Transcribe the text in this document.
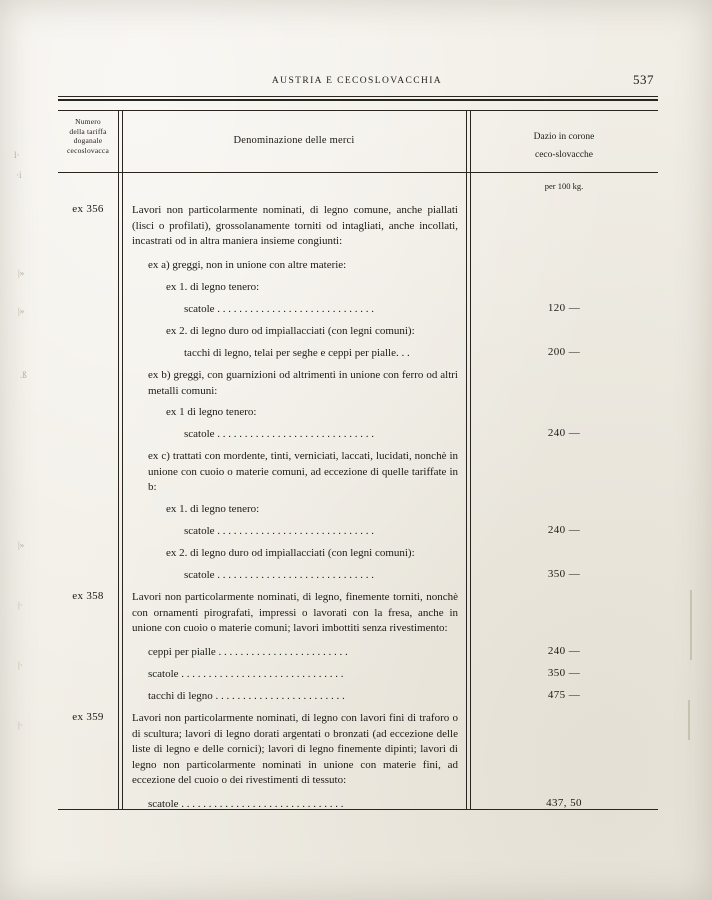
l·
·i
|»
|»
.ß
|»
|·
|·
|·
AUSTRIA E CECOSLOVACCHIA	537
Numero
della tariffa
doganale
cecoslovacca
Denominazione delle merci	Dazio in corone
ceco-slovacche
per 100 kg.
ex 356	Lavori non particolarmente nominati, di legno comune, anche piallati (lisci o profilati), grossolanamente torniti od intagliati, anche incollati, incastrati od in altra maniera insieme congiunti:
ex a) greggi, non in unione con altre materie:
ex 1. di legno tenero:
scatole . . . . . . . . . . . . . . . . . . . . . . . . . . . . .	120 —
ex 2. di legno duro od impiallacciati (con legni comuni):
tacchi di legno, telai per seghe e ceppi per pialle. . .	200 —
ex b) greggi, con guarnizioni od altrimenti in unione con ferro od altri metalli comuni:
ex 1 di legno tenero:
scatole . . . . . . . . . . . . . . . . . . . . . . . . . . . . .	240 —
ex c) trattati con mordente, tinti, verniciati, laccati, lucidati, nonchè in unione con cuoio o materie comuni, ad eccezione di quelle tariffate in b:
ex 1. di legno tenero:
scatole . . . . . . . . . . . . . . . . . . . . . . . . . . . . .	240 —
ex 2. di legno duro od impiallacciati (con legni comuni):
scatole . . . . . . . . . . . . . . . . . . . . . . . . . . . . .	350 —
ex 358	Lavori non particolarmente nominati, di legno, finemente torniti, nonchè con ornamenti pirografati, impressi o lavorati con la fresa, anche in unione con cuoio o materie comuni; lavori imbottiti senza rivestimento:
ceppi per pialle . . . . . . . . . . . . . . . . . . . . . . . .	240 —
scatole . . . . . . . . . . . . . . . . . . . . . . . . . . . . . .	350 —
tacchi di legno . . . . . . . . . . . . . . . . . . . . . . . .	475 —
ex 359	Lavori non particolarmente nominati, di legno con lavori fini di traforo o di scultura; lavori di legno dorati argentati o bronzati (ad eccezione delle liste di legno e delle cornici); lavori di legno finemente dipinti; lavori di legno non particolarmente nominati in unione con materie fini, ad eccezione del cuoio o dei rivestimenti di tessuto:
scatole . . . . . . . . . . . . . . . . . . . . . . . . . . . . . .	437, 50
